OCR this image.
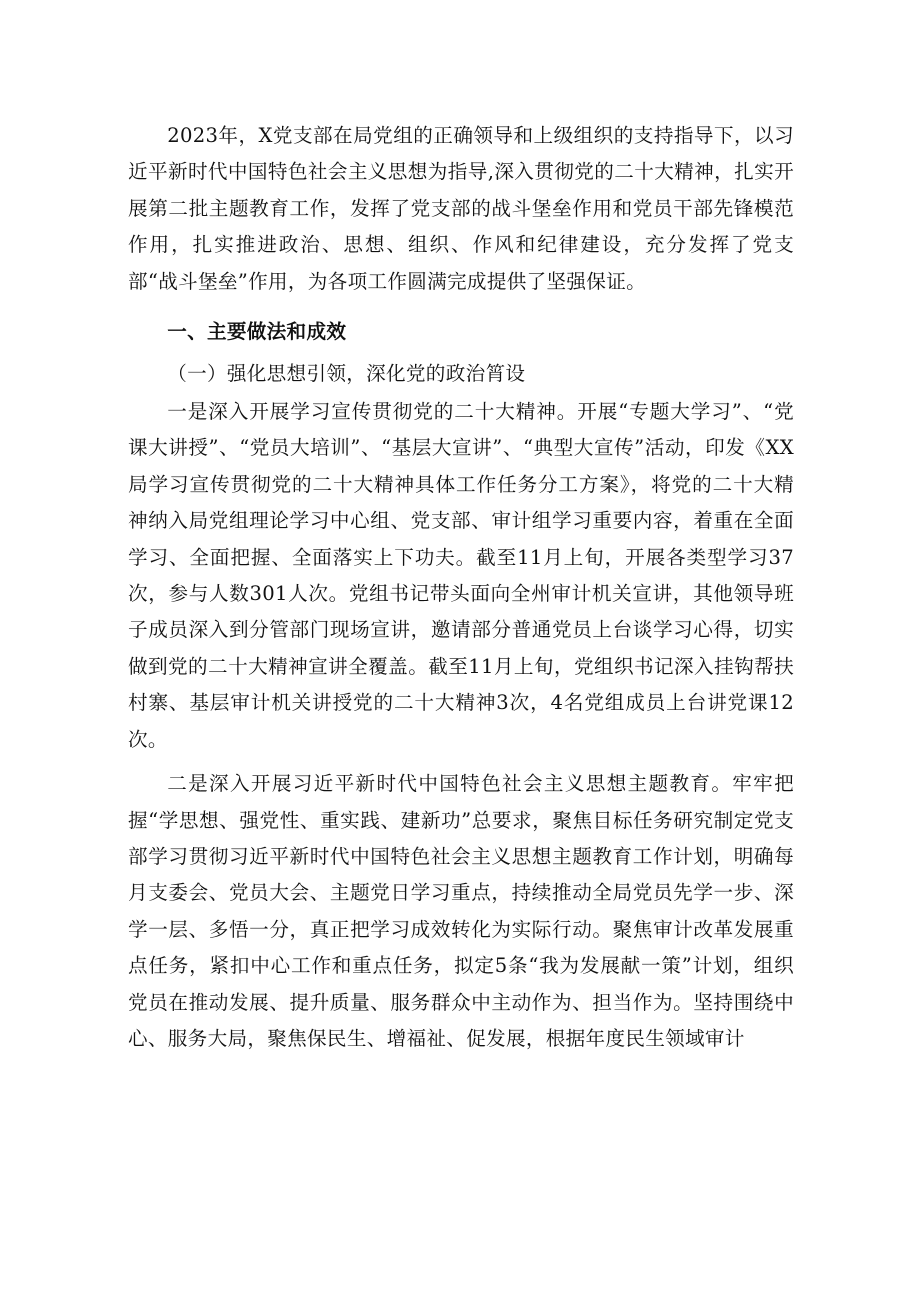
2023年，X党支部在局党组的正确领导和上级组织的支持指导下，以习近平新时代中国特色社会主义思想为指导,深入贯彻党的二十大精神，扎实开展第二批主题教育工作，发挥了党支部的战斗堡垒作用和党员干部先锋模范作用，扎实推进政治、思想、组织、作风和纪律建设，充分发挥了党支部“战斗堡垒”作用，为各项工作圆满完成提供了坚强保证。

一、主要做法和成效
（一）强化思想引领，深化党的政治筲设

一是深入开展学习宣传贯彻党的二十大精神。开展“专题大学习”、“党课大讲授”、“党员大培训”、“基层大宣讲”、“典型大宣传”活动，印发《XX局学习宣传贯彻党的二十大精神具体工作任务分工方案》，将党的二十大精神纳入局党组理论学习中心组、党支部、审计组学习重要内容，着重在全面学习、全面把握、全面落实上下功夫。截至11月上旬，开展各类型学习37次，参与人数301人次。党组书记带头面向全州审计机关宣讲，其他领导班子成员深入到分管部门现场宣讲，邀请部分普通党员上台谈学习心得，切实做到党的二十大精神宣讲全覆盖。截至11月上旬，党组织书记深入挂钩帮扶村寨、基层审计机关讲授党的二十大精神3次，4名党组成员上台讲党课12次。

二是深入开展习近平新时代中国特色社会主义思想主题教育。牢牢把握“学思想、强党性、重实践、建新功”总要求，聚焦目标任务研究制定党支部学习贯彻习近平新时代中国特色社会主义思想主题教育工作计划，明确每月支委会、党员大会、主题党日学习重点，持续推动全局党员先学一步、深学一层、多悟一分，真正把学习成效转化为实际行动。聚焦审计改革发展重点任务，紧扣中心工作和重点任务，拟定5条“我为发展献一策”计划，组织党员在推动发展、提升质量、服务群众中主动作为、担当作为。坚持围绕中心、服务大局，聚焦保民生、增福祉、促发展，根据年度民生领域审计
